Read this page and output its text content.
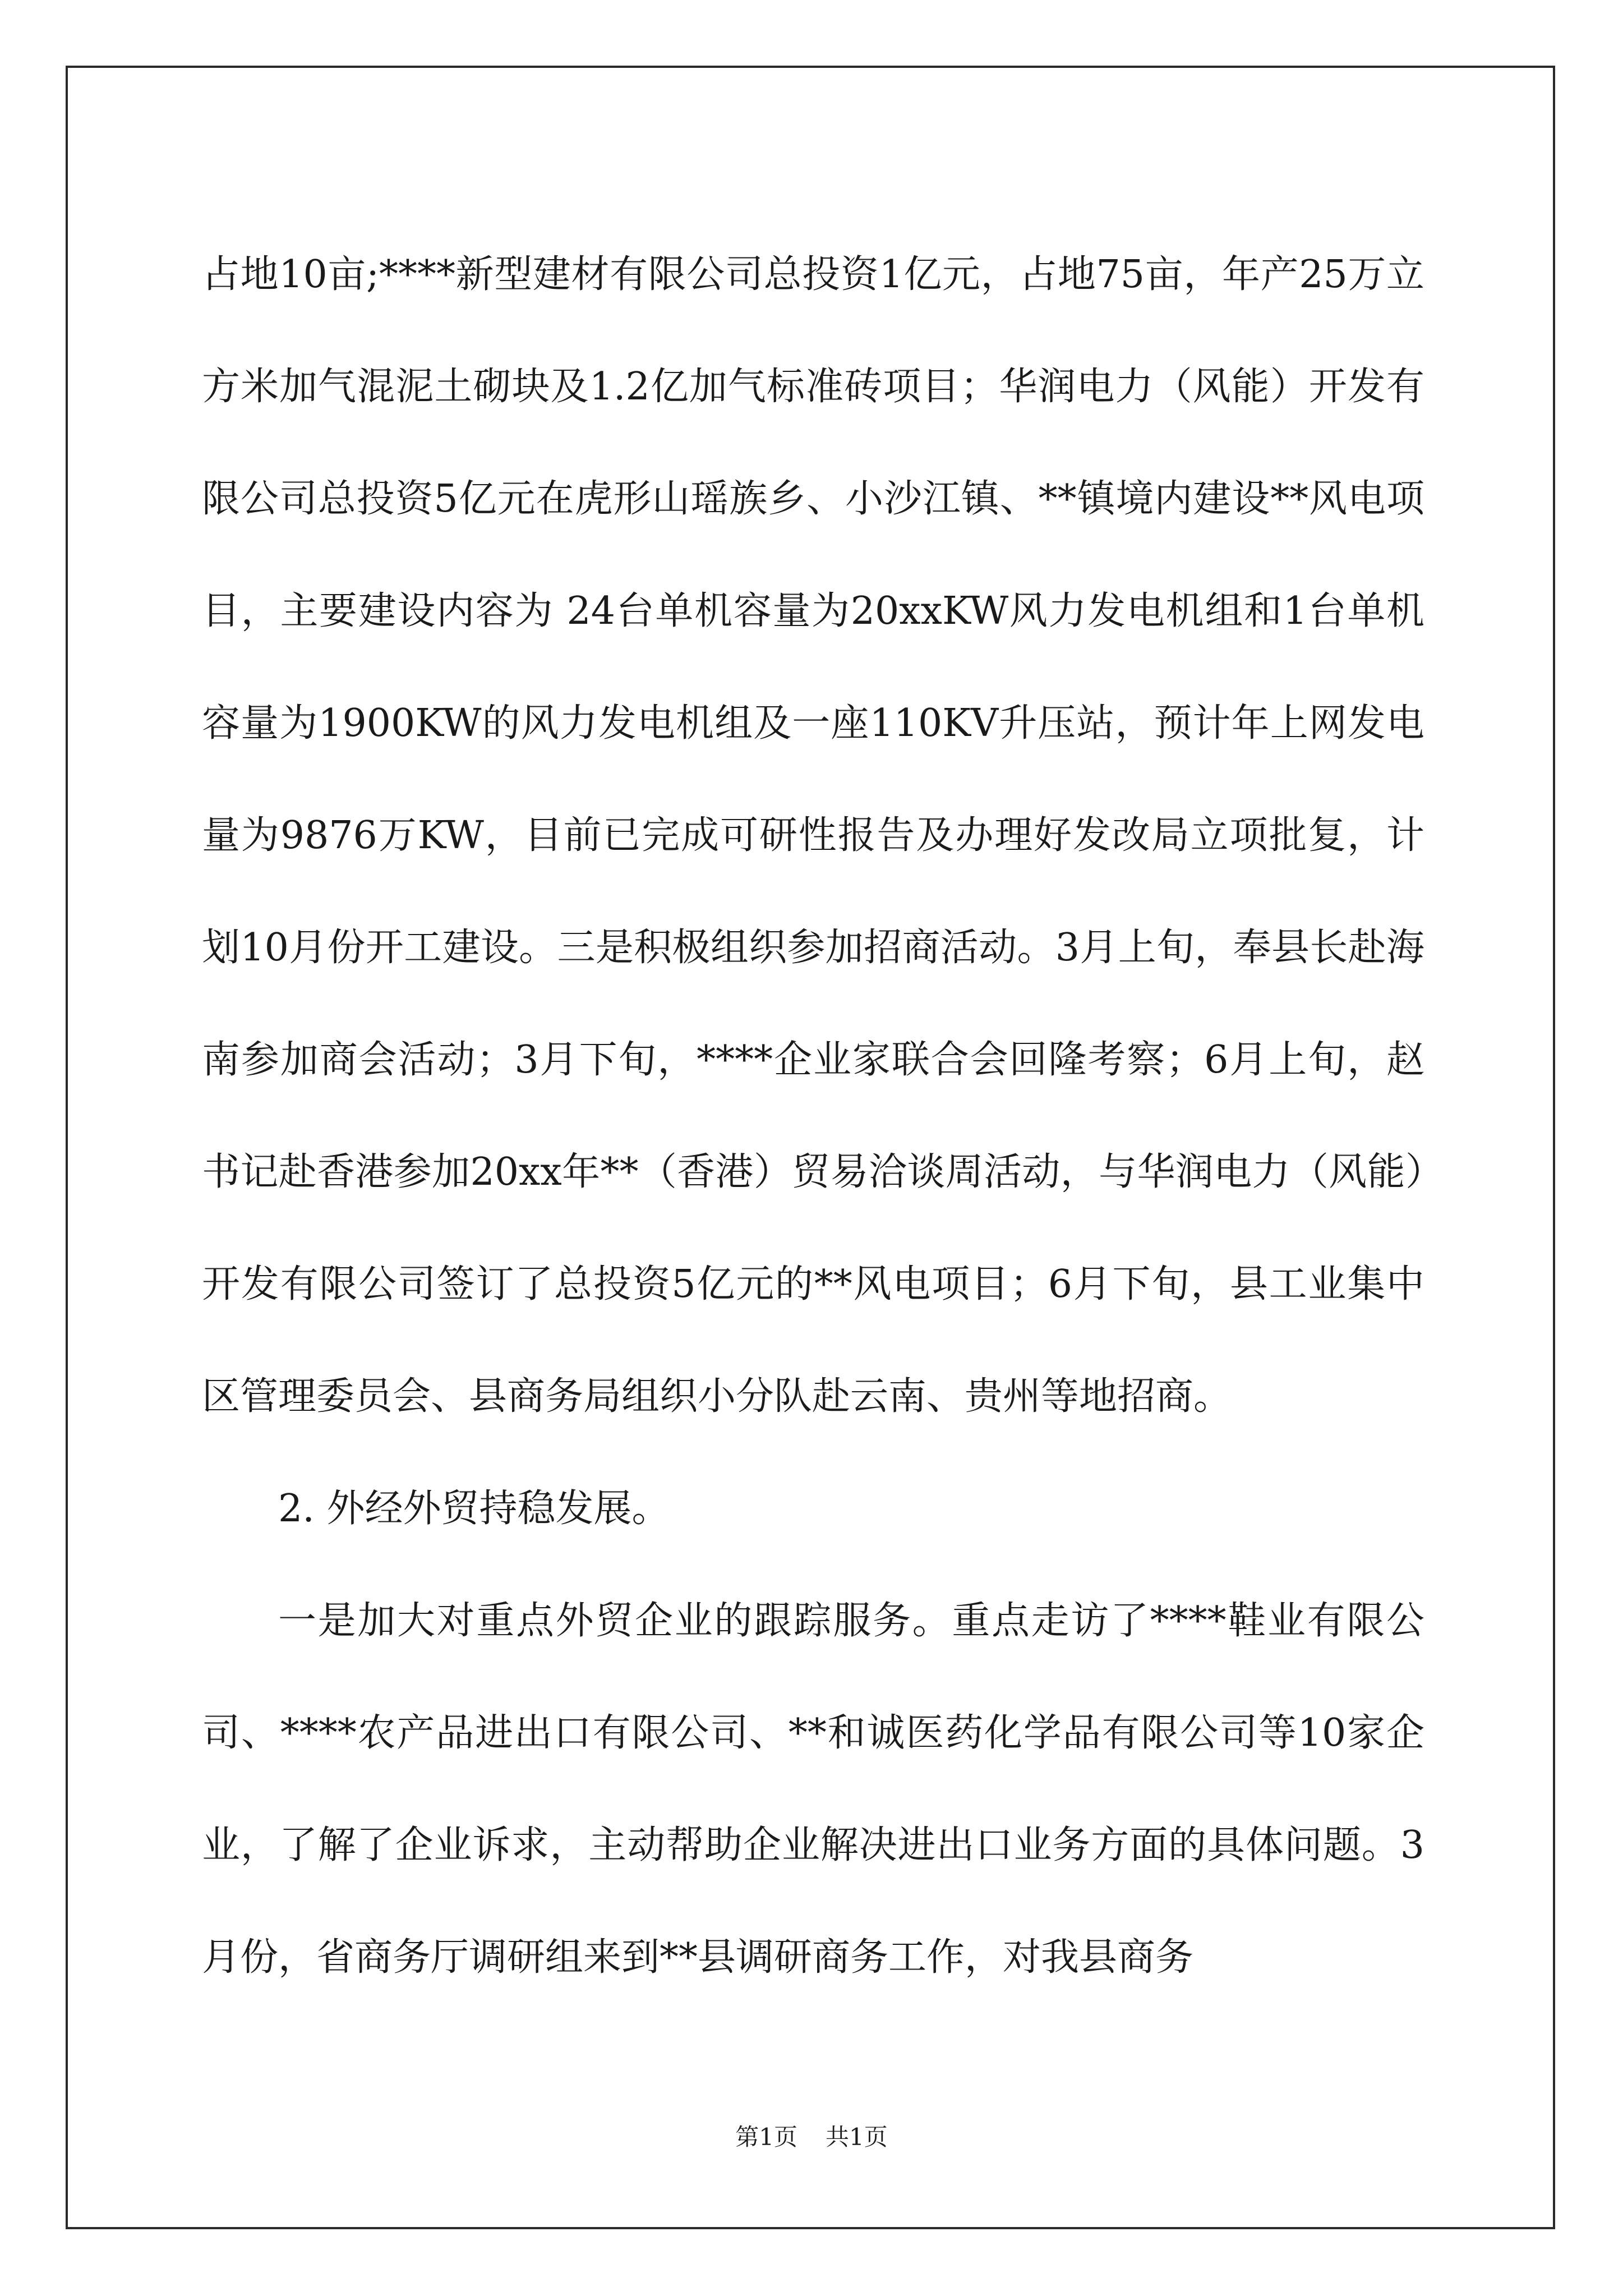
占地10亩;****新型建材有限公司总投资1亿元，占地75亩，年产25万立方米加气混泥土砌块及1.2亿加气标准砖项目；华润电力（风能）开发有限公司总投资5亿元在虎形山瑶族乡、小沙江镇、**镇境内建设**风电项目，主要建设内容为 24台单机容量为20xxKW风力发电机组和1台单机容量为1900KW的风力发电机组及一座110KV升压站，预计年上网发电量为9876万KW，目前已完成可研性报告及办理好发改局立项批复，计划10月份开工建设。三是积极组织参加招商活动。3月上旬，奉县长赴海南参加商会活动；3月下旬，****企业家联合会回隆考察；6月上旬，赵书记赴香港参加20xx年**（香港）贸易洽谈周活动，与华润电力（风能）开发有限公司签订了总投资5亿元的**风电项目；6月下旬，县工业集中区管理委员会、县商务局组织小分队赴云南、贵州等地招商。

2. 外经外贸持稳发展。

一是加大对重点外贸企业的跟踪服务。重点走访了****鞋业有限公司、****农产品进出口有限公司、**和诚医药化学品有限公司等10家企业，了解了企业诉求，主动帮助企业解决进出口业务方面的具体问题。3月份，省商务厅调研组来到**县调研商务工作，对我县商务

第1页 共1页
